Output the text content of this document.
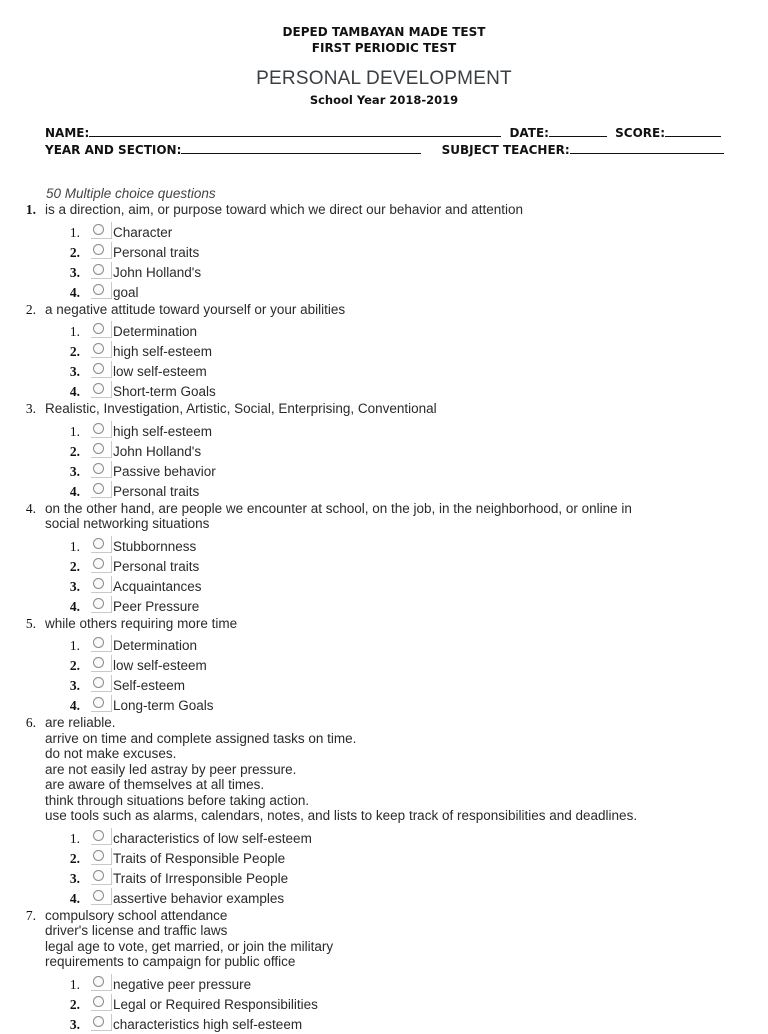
DEPED TAMBAYAN MADE TEST
FIRST PERIODIC TEST
PERSONAL DEVELOPMENT
School Year 2018-2019
NAME:	DATE:	SCORE:
YEAR AND SECTION:	SUBJECT TEACHER:
50 Multiple choice questions
1. is a direction, aim, or purpose toward which we direct our behavior and attention
1. Character
2. Personal traits
3. John Holland's
4. goal
2. a negative attitude toward yourself or your abilities
1. Determination
2. high self-esteem
3. low self-esteem
4. Short-term Goals
3. Realistic, Investigation, Artistic, Social, Enterprising, Conventional
1. high self-esteem
2. John Holland's
3. Passive behavior
4. Personal traits
4. on the other hand, are people we encounter at school, on the job, in the neighborhood, or online in
social networking situations
1. Stubbornness
2. Personal traits
3. Acquaintances
4. Peer Pressure
5. while others requiring more time
1. Determination
2. low self-esteem
3. Self-esteem
4. Long-term Goals
6. are reliable.
arrive on time and complete assigned tasks on time.
do not make excuses.
are not easily led astray by peer pressure.
are aware of themselves at all times.
think through situations before taking action.
use tools such as alarms, calendars, notes, and lists to keep track of responsibilities and deadlines.
1. characteristics of low self-esteem
2. Traits of Responsible People
3. Traits of Irresponsible People
4. assertive behavior examples
7. compulsory school attendance
driver's license and traffic laws
legal age to vote, get married, or join the military
requirements to campaign for public office
1. negative peer pressure
2. Legal or Required Responsibilities
3. characteristics high self-esteem
